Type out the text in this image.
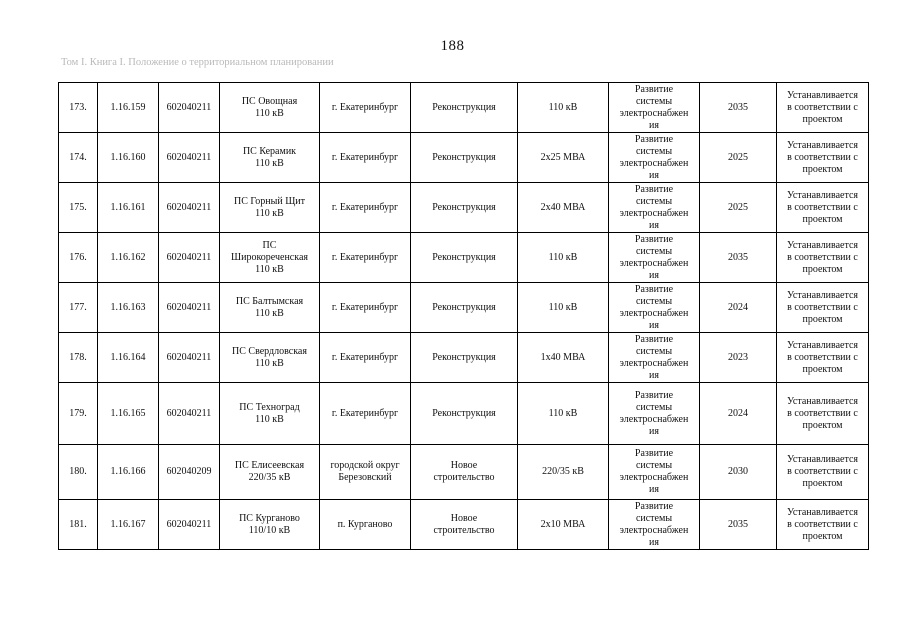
188
Том I. Книга I. Положение о территориальном планировании
173.	1.16.159	602040211	ПС Овощная
110 кВ	г. Екатеринбург	Реконструкция	110 кВ	Развитие
системы
электроснабжен
ия	2035	Устанавливается
в соответствии с
проектом
174.	1.16.160	602040211	ПС Керамик
110 кВ	г. Екатеринбург	Реконструкция	2х25 МВА	Развитие
системы
электроснабжен
ия	2025	Устанавливается
в соответствии с
проектом
175.	1.16.161	602040211	ПС Горный Щит
110 кВ	г. Екатеринбург	Реконструкция	2х40 МВА	Развитие
системы
электроснабжен
ия	2025	Устанавливается
в соответствии с
проектом
176.	1.16.162	602040211	ПС
Широкореченская
110 кВ	г. Екатеринбург	Реконструкция	110 кВ	Развитие
системы
электроснабжен
ия	2035	Устанавливается
в соответствии с
проектом
177.	1.16.163	602040211	ПС Балтымская
110 кВ	г. Екатеринбург	Реконструкция	110 кВ	Развитие
системы
электроснабжен
ия	2024	Устанавливается
в соответствии с
проектом
178.	1.16.164	602040211	ПС Свердловская
110 кВ	г. Екатеринбург	Реконструкция	1х40 МВА	Развитие
системы
электроснабжен
ия	2023	Устанавливается
в соответствии с
проектом
179.	1.16.165	602040211	ПС Техноград
110 кВ	г. Екатеринбург	Реконструкция	110 кВ	Развитие
системы
электроснабжен
ия	2024	Устанавливается
в соответствии с
проектом
180.	1.16.166	602040209	ПС Елисеевская
220/35 кВ	городской округ
Березовский	Новое
строительство	220/35 кВ	Развитие
системы
электроснабжен
ия	2030	Устанавливается
в соответствии с
проектом
181.	1.16.167	602040211	ПС Курганово
110/10 кВ	п. Курганово	Новое
строительство	2х10 МВА	Развитие
системы
электроснабжен
ия	2035	Устанавливается
в соответствии с
проектом
